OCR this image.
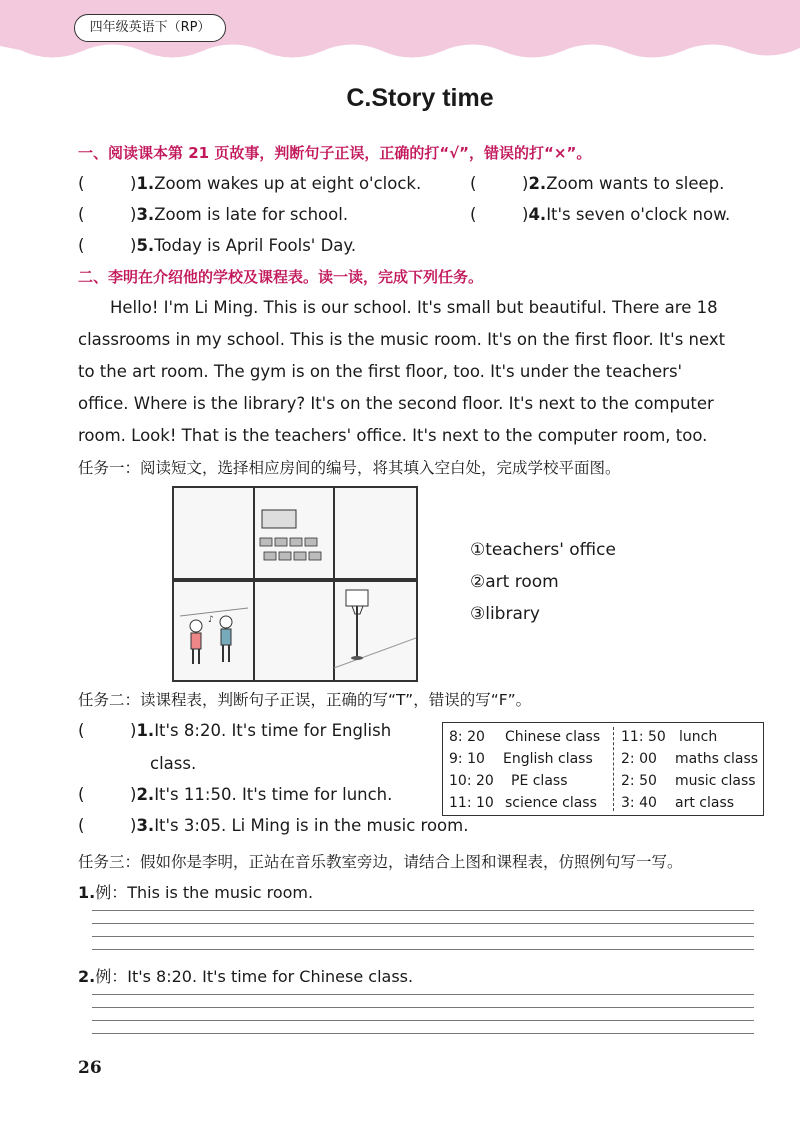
四年级英语下（RP）
C.Story time
一、阅读课本第 21 页故事，判断句子正误，正确的打“√”，错误的打“×”。
(	)1.Zoom wakes up at eight o'clock.	(	)2.Zoom wants to sleep.
(	)3.Zoom is late for school.	(	)4.It's seven o'clock now.
(	)5.Today is April Fools' Day.
二、李明在介绍他的学校及课程表。读一读，完成下列任务。

Hello! I'm Li Ming. This is our school. It's small but beautiful. There are 18

classrooms in my school. This is the music room. It's on the first floor. It's next

to the art room. The gym is on the first floor, too. It's under the teachers'

office. Where is the library? It's on the second floor. It's next to the computer

room. Look! That is the teachers' office. It's next to the computer room, too.

任务一：阅读短文，选择相应房间的编号，将其填入空白处，完成学校平面图。
♪
①teachers' office
②art room
③library
任务二：读课程表，判断句子正误，正确的写“T”，错误的写“F”。
(	)1.It's 8:20. It's time for English
class.
(	)2.It's 11:50. It's time for lunch.
(	)3.It's 3:05. Li Ming is in the music room.
8: 20 Chinese class 11: 50 lunch
9: 10 English class 2: 00 maths class
10: 20 PE class	2: 50 music class
11: 10 science class 3: 40 art class
任务三：假如你是李明，正站在音乐教室旁边，请结合上图和课程表，仿照例句写一写。
1.例：This is the music room.
2.例：It's 8:20. It's time for Chinese class.
26
